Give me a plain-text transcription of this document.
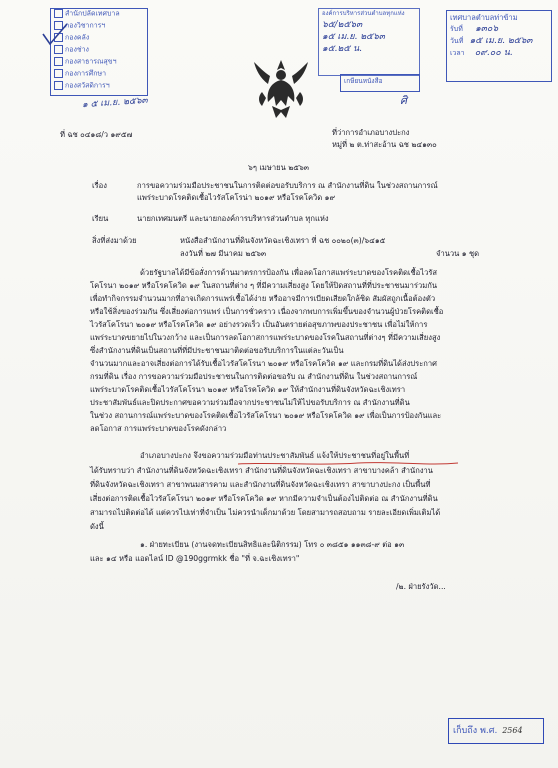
สำนักปลัดเทศบาล
กองวิชาการฯ
กองคลัง
กองช่าง
กองสาธารณสุขฯ
กองการศึกษา
กองสวัสดิการฯ
๑ ๕ เม.ย. ๒๕๖๓
องค์การบริหารส่วนตำบลทุกแห่ง
๖๕/๒๕๖๓
๑๕ เม.ย. ๒๕๖๓
๑๕.๒๕ น.
เกษียนหนังสือ
ศิ
เทศบาลตำบลท่าข้าม
รับที่ ๑๓๐๖
วันที่ ๑๕ เม.ย. ๒๕๖๓
เวลา ๐๙.๐๐ น.
ที่ ฉช ๐๔๑๘/ว ๑๙๕๗	ที่ว่าการอำเภอบางปะกง
หมู่ที่ ๒ ต.ท่าสะอ้าน ฉช ๒๔๑๓๐
๖ๆ เมษายน ๒๕๖๓
เรื่อง	การขอความร่วมมือประชาชนในการติดต่อขอรับบริการ ณ สำนักงานที่ดิน ในช่วงสถานการณ์
แพร่ระบาดโรคติดเชื้อไวรัสโคโรน่า ๒๐๑๙ หรือโรคโควิด ๑๙
เรียน	นายกเทศมนตรี และนายกองค์การบริหารส่วนตำบล ทุกแห่ง
สิ่งที่ส่งมาด้วย	หนังสือสำนักงานที่ดินจังหวัดฉะเชิงเทรา ที่ ฉช ๐๐๒๐(๓)/๖๔๑๕
ลงวันที่ ๒๗ มีนาคม ๒๕๖๓	จำนวน ๑ ชุด
ด้วยรัฐบาลได้มีข้อสั่งการด้านมาตรการป้องกัน เพื่อลดโอกาสแพร่ระบาดของโรคติดเชื้อไวรัส
โคโรนา ๒๐๑๙ หรือโรคโควิด ๑๙ ในสถานที่ต่าง ๆ ที่มีความเสี่ยงสูง โดยให้ปิดสถานที่ที่ประชาชนมาร่วมกัน
เพื่อทำกิจกรรมจำนวนมากที่อาจเกิดการแพร่เชื้อได้ง่าย หรืออาจมีการเบียดเสียดใกล้ชิด สัมผัสถูกเนื้อต้องตัว
หรือใช้สิ่งของร่วมกัน ซึ่งเสี่ยงต่อการแพร่ เป็นการชั่วคราว เนื่องจากพบการเพิ่มขึ้นของจำนวนผู้ป่วยโรคติดเชื้อ
ไวรัสโคโรนา ๒๐๑๙ หรือโรคโควิด ๑๙ อย่างรวดเร็ว เป็นอันตรายต่อสุขภาพของประชาชน เพื่อไม่ให้การ
แพร่ระบาดขยายไปในวงกว้าง และเป็นการลดโอกาสการแพร่ระบาดของโรคในสถานที่ต่างๆ ที่มีความเสี่ยงสูง
ซึ่งสำนักงานที่ดินเป็นสถานที่ที่มีประชาชนมาติดต่อขอรับบริการในแต่ละวันเป็น
จำนวนมากและอาจเสี่ยงต่อการได้รับเชื้อไวรัสโคโรนา ๒๐๑๙ หรือโรคโควิด ๑๙ และกรมที่ดินได้ส่งประกาศ
กรมที่ดิน เรื่อง การขอความร่วมมือประชาชนในการติดต่อขอรับ ณ สำนักงานที่ดิน ในช่วงสถานการณ์
แพร่ระบาดโรคติดเชื้อไวรัสโคโรนา ๒๐๑๙ หรือโรคโควิด ๑๙ ให้สำนักงานที่ดินจังหวัดฉะเชิงเทรา
ประชาสัมพันธ์และปิดประกาศขอความร่วมมือจากประชาชนไม่ให้ไปขอรับบริการ ณ สำนักงานที่ดิน
ในช่วง สถานการณ์แพร่ระบาดของโรคติดเชื้อไวรัสโคโรนา ๒๐๑๙ หรือโรคโควิด ๑๙ เพื่อเป็นการป้องกันและ
ลดโอกาส การแพร่ระบาดของโรคดังกล่าว
อำเภอบางปะกง จึงขอความร่วมมือท่านประชาสัมพันธ์ แจ้งให้ประชาชนที่อยู่ในพื้นที่
ได้รับทราบว่า สำนักงานที่ดินจังหวัดฉะเชิงเทรา สำนักงานที่ดินจังหวัดฉะเชิงเทรา สาขาบางคล้า สำนักงาน
ที่ดินจังหวัดฉะเชิงเทรา สาขาพนมสารคาม และสำนักงานที่ดินจังหวัดฉะเชิงเทรา สาขาบางปะกง เป็นพื้นที่
เสี่ยงต่อการติดเชื้อไวรัสโคโรนา ๒๐๑๙ หรือโรคโควิด ๑๙ หากมีความจำเป็นต้องไปติดต่อ ณ สำนักงานที่ดิน
สามารถไปติดต่อได้ แต่ควรไปเท่าที่จำเป็น ไม่ควรนำเด็กมาด้วย โดยสามารถสอบถาม รายละเอียดเพิ่มเติมได้
ดังนี้
๑. ฝ่ายทะเบียน (งานจดทะเบียนสิทธิและนิติกรรม) โทร ๐ ๓๘๕๑ ๑๑๓๘-๙ ต่อ ๑๓
และ ๑๔ หรือ แอดไลน์ ID @190ggrmkk ชื่อ "ที่ จ.ฉะเชิงเทรา"
/๒. ฝ่ายรังวัด...
เก็บถึง พ.ศ. 2564
